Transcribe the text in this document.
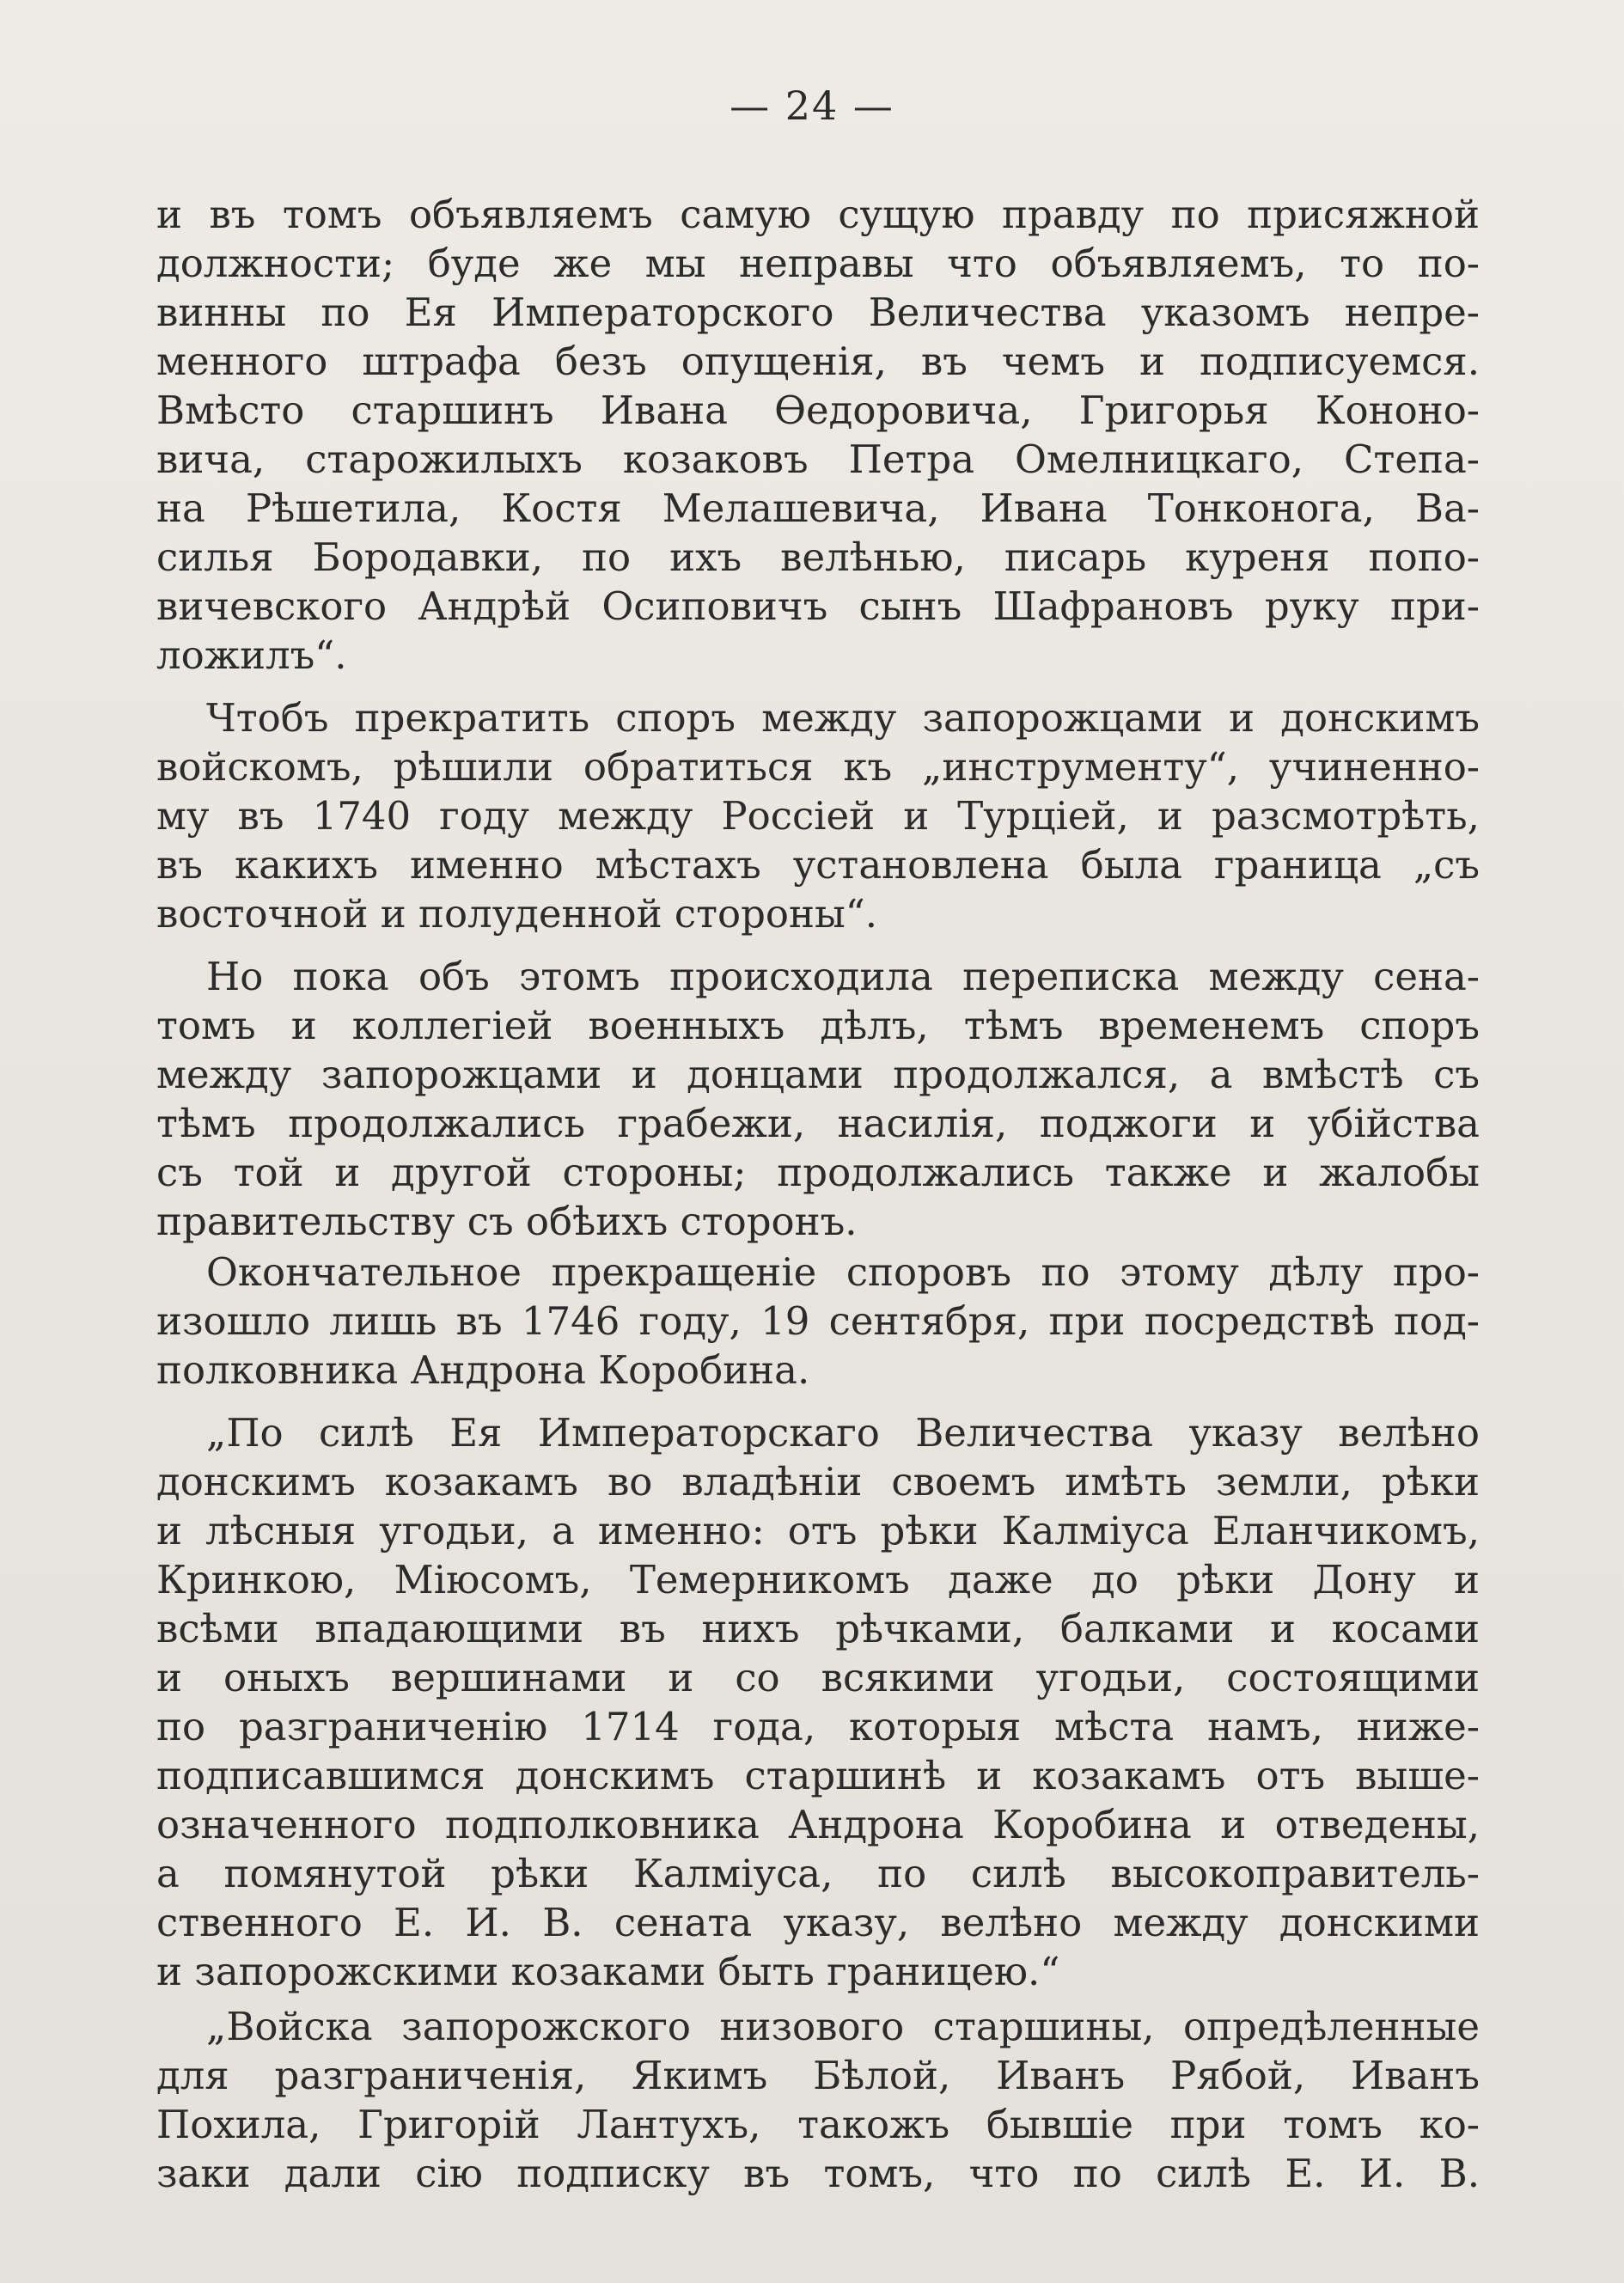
— 24 —
и въ томъ объявляемъ самую сущую правду по присяжной
должности; буде же мы неправы что объявляемъ, то по-
винны по Ея Императорского Величества указомъ непре-
менного штрафа безъ опущенія, въ чемъ и подписуемся.
Вмѣсто старшинъ Ивана Ѳедоровича, Григорья Кононо-
вича, старожилыхъ козаковъ Петра Омелницкаго, Степа-
на Рѣшетила, Костя Мелашевича, Ивана Тонконога, Ва-
силья Бородавки, по ихъ велѣнью, писарь куреня попо-
вичевского Андрѣй Осиповичъ сынъ Шафрановъ руку при-
ложилъ“.
Чтобъ прекратить споръ между запорожцами и донскимъ
войскомъ, рѣшили обратиться къ „инструменту“, учиненно-
му въ 1740 году между Россіей и Турціей, и разсмотрѣть,
въ какихъ именно мѣстахъ установлена была граница „съ
восточной и полуденной стороны“.
Но пока объ этомъ происходила переписка между сена-
томъ и коллегіей военныхъ дѣлъ, тѣмъ временемъ споръ
между запорожцами и донцами продолжался, а вмѣстѣ съ
тѣмъ продолжались грабежи, насилія, поджоги и убійства
съ той и другой стороны; продолжались также и жалобы
правительству съ обѣихъ сторонъ.
Окончательное прекращеніе споровъ по этому дѣлу про-
изошло лишь въ 1746 году, 19 сентября, при посредствѣ под-
полковника Андрона Коробина.
„По силѣ Ея Императорскаго Величества указу велѣно
донскимъ козакамъ во владѣніи своемъ имѣть земли, рѣки
и лѣсныя угодьи, а именно: отъ рѣки Калміуса Еланчикомъ,
Кринкою, Міюсомъ, Темерникомъ даже до рѣки Дону и
всѣми впадающими въ нихъ рѣчками, балками и косами
и оныхъ вершинами и со всякими угодьи, состоящими
по разграниченію 1714 года, которыя мѣста намъ, ниже-
подписавшимся донскимъ старшинѣ и козакамъ отъ выше-
означенного подполковника Андрона Коробина и отведены,
а помянутой рѣки Калміуса, по силѣ высокоправитель-
ственного Е. И. В. сената указу, велѣно между донскими
и запорожскими козаками быть границею.“
„Войска запорожского низового старшины, опредѣленные
для разграниченія, Якимъ Бѣлой, Иванъ Рябой, Иванъ
Похила, Григорій Лантухъ, такожъ бывшіе при томъ ко-
заки дали сію подписку въ томъ, что по силѣ Е. И. В.
